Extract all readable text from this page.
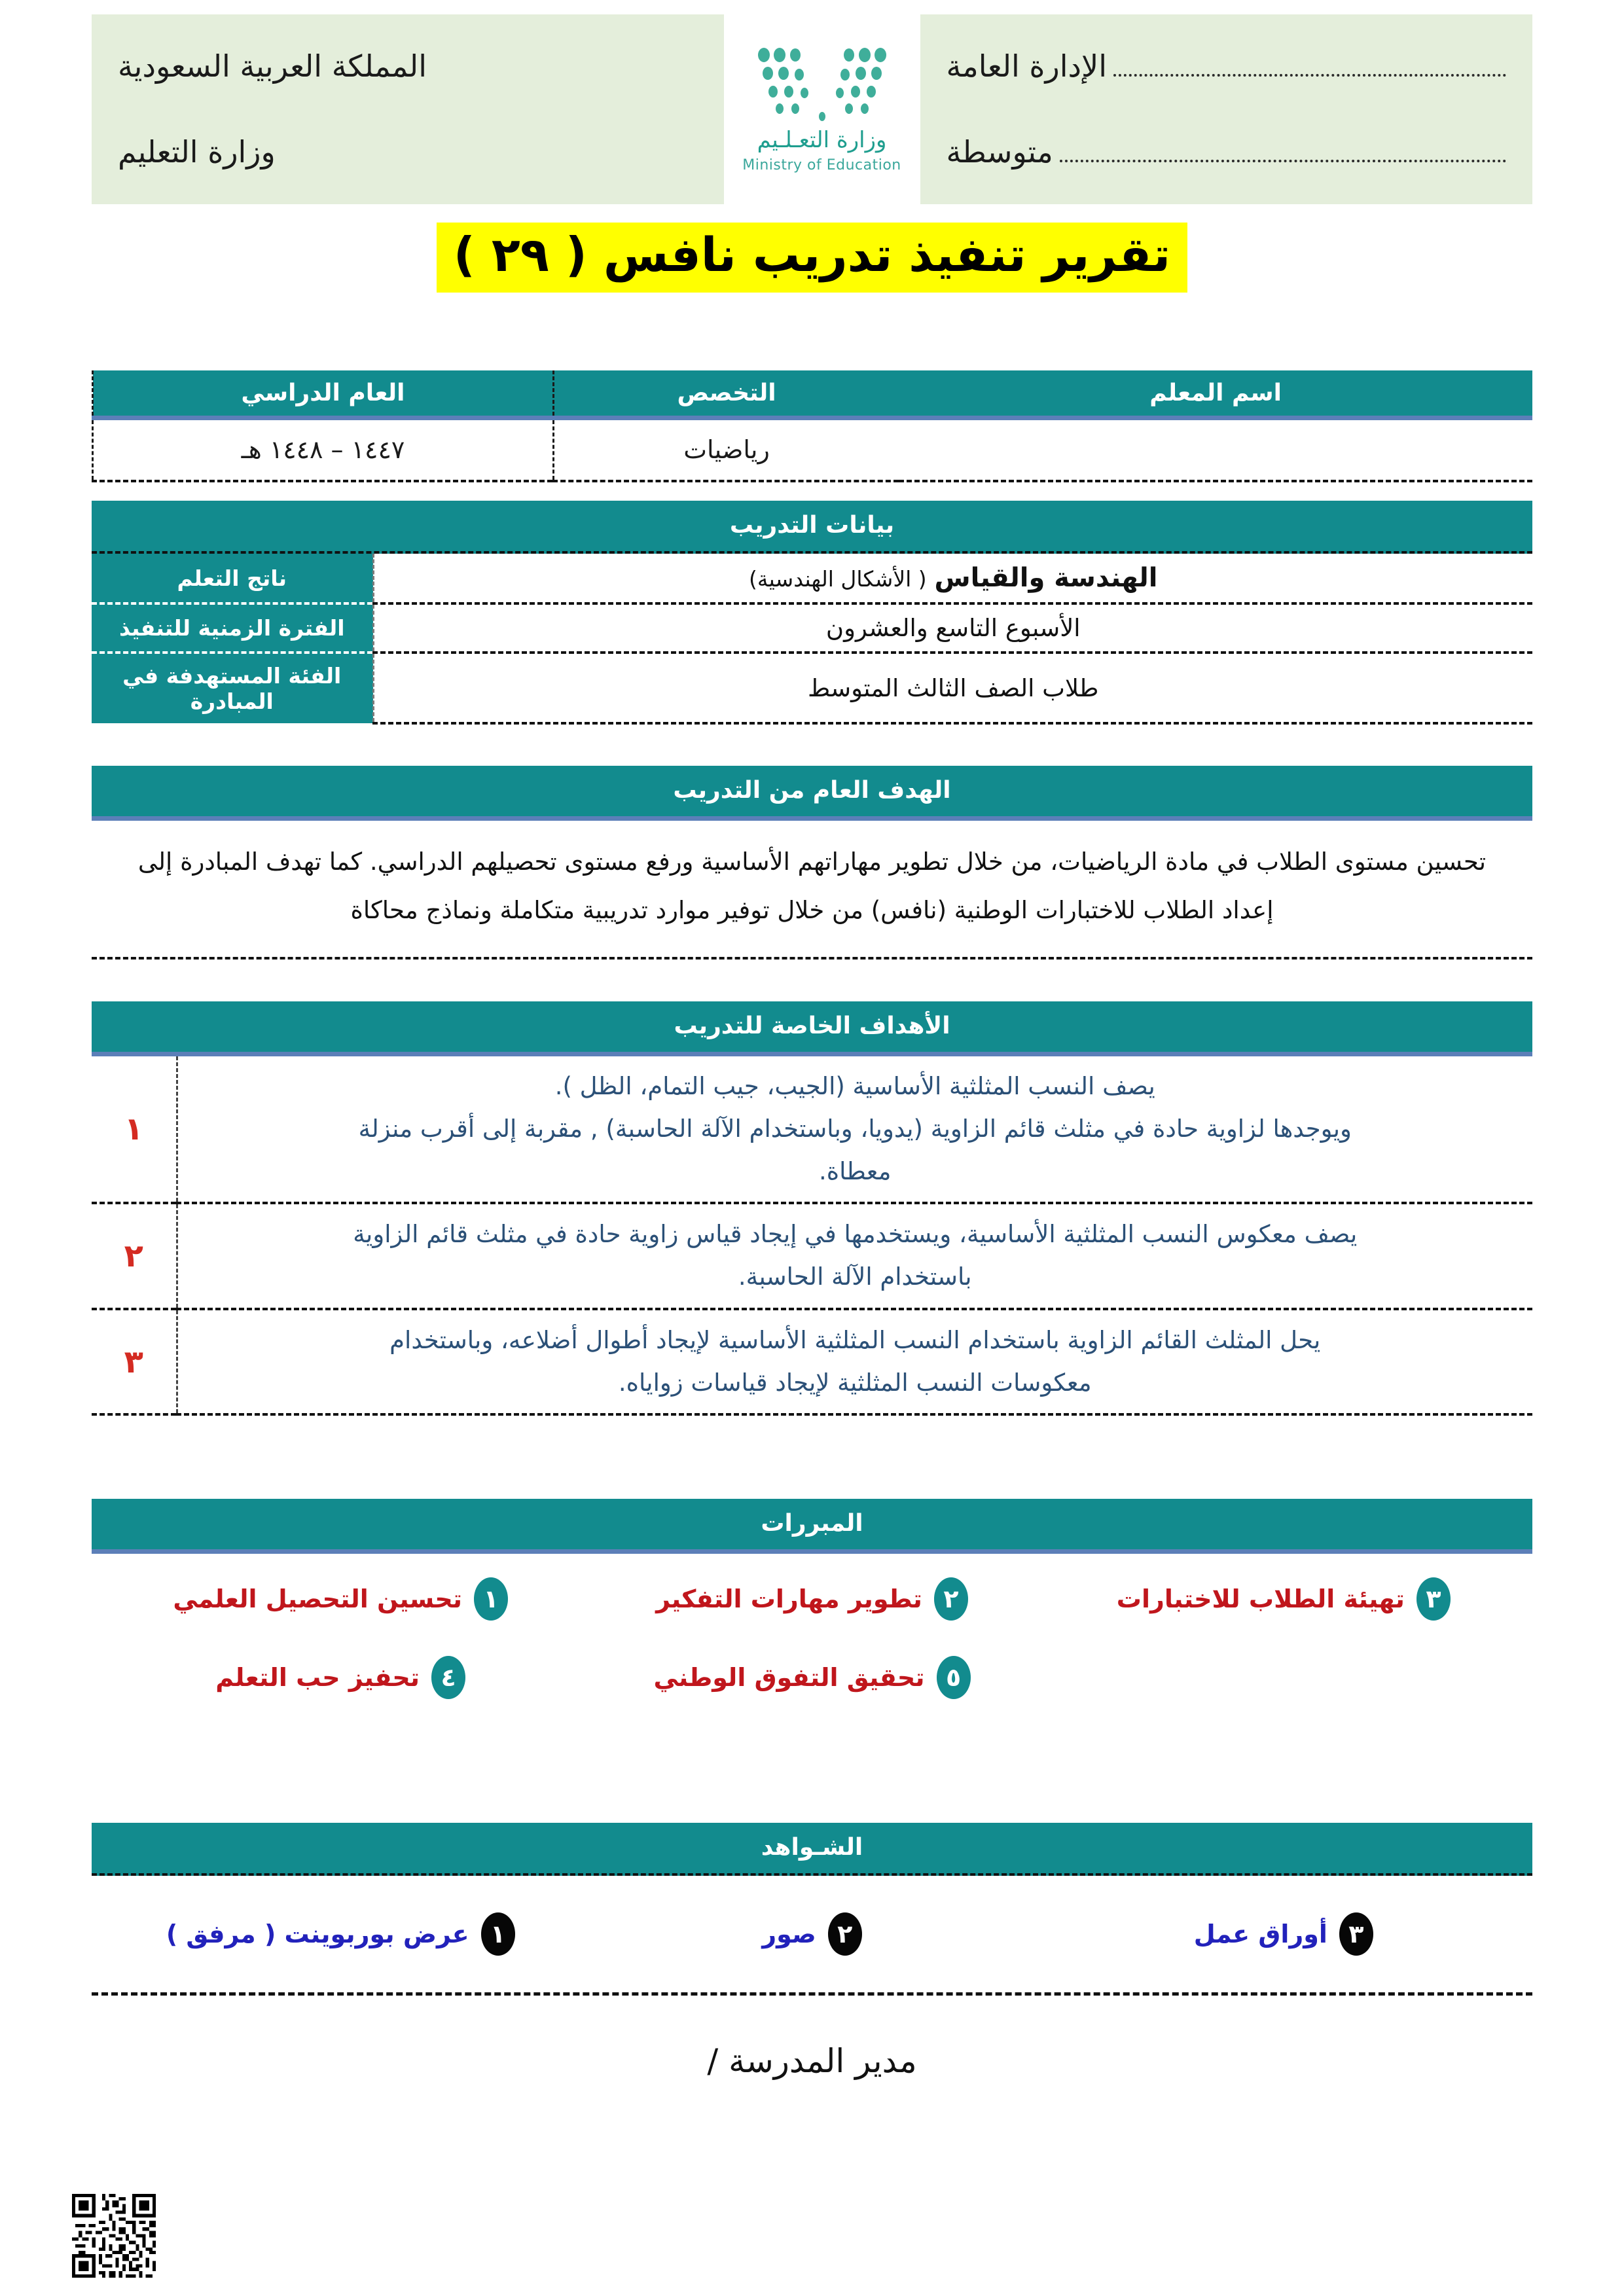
الإدارة العامة
متوسطة
وزارة التعـلـيم
Ministry of Education
المملكة العربية السعودية
وزارة التعليم
تقرير تنفيذ تدريب نافس ( ٢٩ )
اسم المعلم	التخصص	العام الدراسي
	رياضيات	١٤٤٧ – ١٤٤٨ هـ
بيانات التدريب
الهندسة والقياس ( الأشكال الهندسية)	ناتج التعلم
الأسبوع التاسع والعشرون	الفترة الزمنية للتنفيذ
طلاب الصف الثالث المتوسط	الفئة المستهدفة في المبادرة
الهدف العام من التدريب
تحسين مستوى الطلاب في مادة الرياضيات، من خلال تطوير مهاراتهم الأساسية ورفع مستوى تحصيلهم الدراسي. كما تهدف المبادرة إلى
إعداد الطلاب للاختبارات الوطنية (نافس) من خلال توفير موارد تدريبية متكاملة ونماذج محاكاة
الأهداف الخاصة للتدريب
يصف النسب المثلثية الأساسية (الجيب، جيب التمام، الظل ).
ويوجدها لزاوية حادة في مثلث قائم الزاوية (يدويا، وباستخدام الآلة الحاسبة) , مقربة إلى أقرب منزلة
معطاة.	١

يصف معكوس النسب المثلثية الأساسية، ويستخدمها في إيجاد قياس زاوية حادة في مثلث قائم الزاوية
باستخدام الآلة الحاسبة.	٢

يحل المثلث القائم الزاوية باستخدام النسب المثلثية الأساسية لإيجاد أطوال أضلاعه، وباستخدام
معكوسات النسب المثلثية لإيجاد قياسات زواياه.	٣
المبررات
٣
تهيئة الطلاب للاختبارات
٢
تطوير مهارات التفكير
١
تحسين التحصيل العلمي
٥
تحقيق التفوق الوطني
٤
تحفيز حب التعلم
الشـواهد
٣
أوراق عمل
٢
صور
١
عرض بوربوينت ( مرفق )
مدير المدرسة /
